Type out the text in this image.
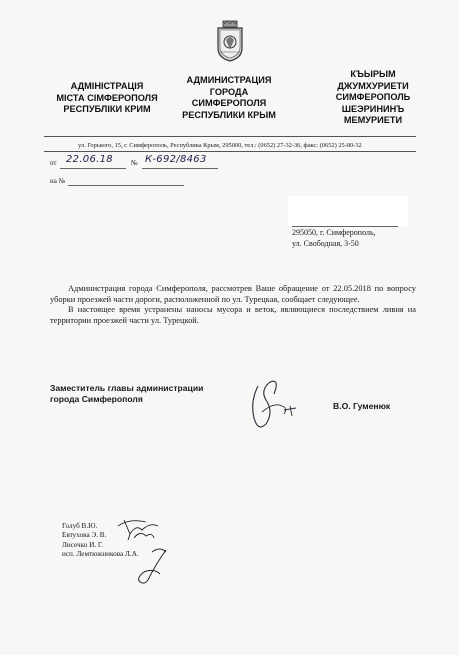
АДМІНІСТРАЦІЯ
МІСТА СІМФЕРОПОЛЯ
РЕСПУБЛІКИ КРИМ
АДМИНИСТРАЦИЯ
ГОРОДА
СИМФЕРОПОЛЯ
РЕСПУБЛИКИ КРЫМ
КЪЫРЫМ
ДЖУМХУРИЕТИ
СИМФЕРОПОЛЬ
ШЕЭРИНИНЪ
МЕМУРИЕТИ
ул. Горького, 15, г. Симферополь, Республика Крым, 295000, тел.: (0652) 27-32-36, факс: (0652) 25-80-32
от 22.06.18	№ К-692/8463
на №
295050, г. Симферополь,
ул. Свободная, 3-50
Администрация города Симферополя, рассмотрев Ваше обращение от 22.05.2018 по вопросу уборки проезжей части дороги, расположенной по ул. Турецкая, сообщает следующее.
В настоящее время устранены наносы мусора и веток, являющиеся последствием ливня на территории проезжей части ул. Турецкой.
Заместитель главы администрации
города Симферополя
В.О. Гуменюк
Голуб В.Ю.
Евтухова Э. В.
Лисечко И. Г.
исп. Лемтюжникова Л.А.
